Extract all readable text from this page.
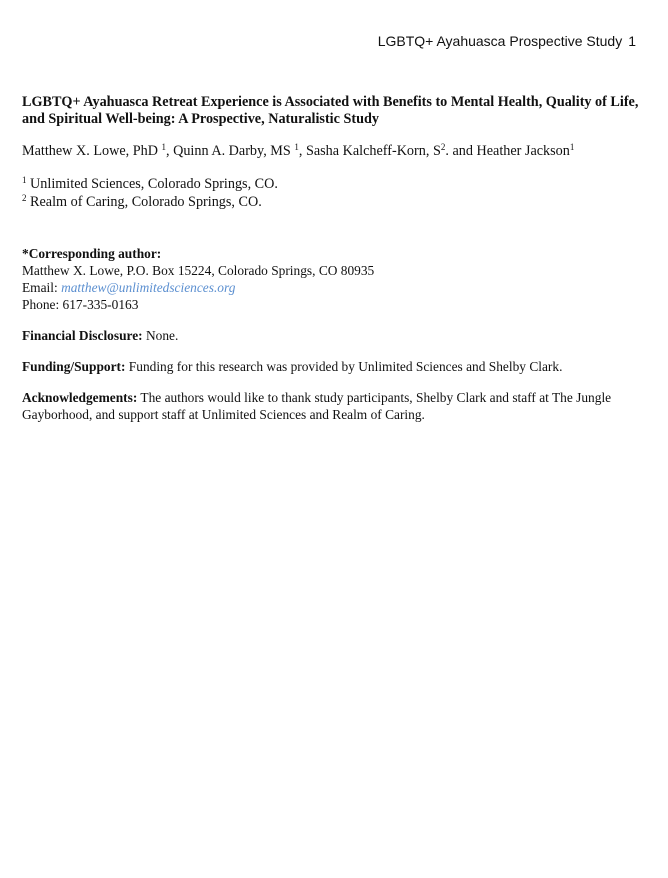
LGBTQ+ Ayahuasca Prospective Study 1
LGBTQ+ Ayahuasca Retreat Experience is Associated with Benefits to Mental Health, Quality of Life, and Spiritual Well-being: A Prospective, Naturalistic Study
Matthew X. Lowe, PhD $^1$, Quinn A. Darby, MS $^1$, Sasha Kalcheff-Korn, $S^2$. and Heather Jackson$^1$
$^1$ Unlimited Sciences, Colorado Springs, CO.
$^2$ Realm of Caring, Colorado Springs, CO.
*Corresponding author:
Matthew X. Lowe, P.O. Box 15224, Colorado Springs, CO 80935
Email: matthew@unlimitedsciences.org
Phone: 617-335-0163
Financial Disclosure: None.
Funding/Support: Funding for this research was provided by Unlimited Sciences and Shelby Clark.
Acknowledgements: The authors would like to thank study participants, Shelby Clark and staff at The Jungle Gayborhood, and support staff at Unlimited Sciences and Realm of Caring.
